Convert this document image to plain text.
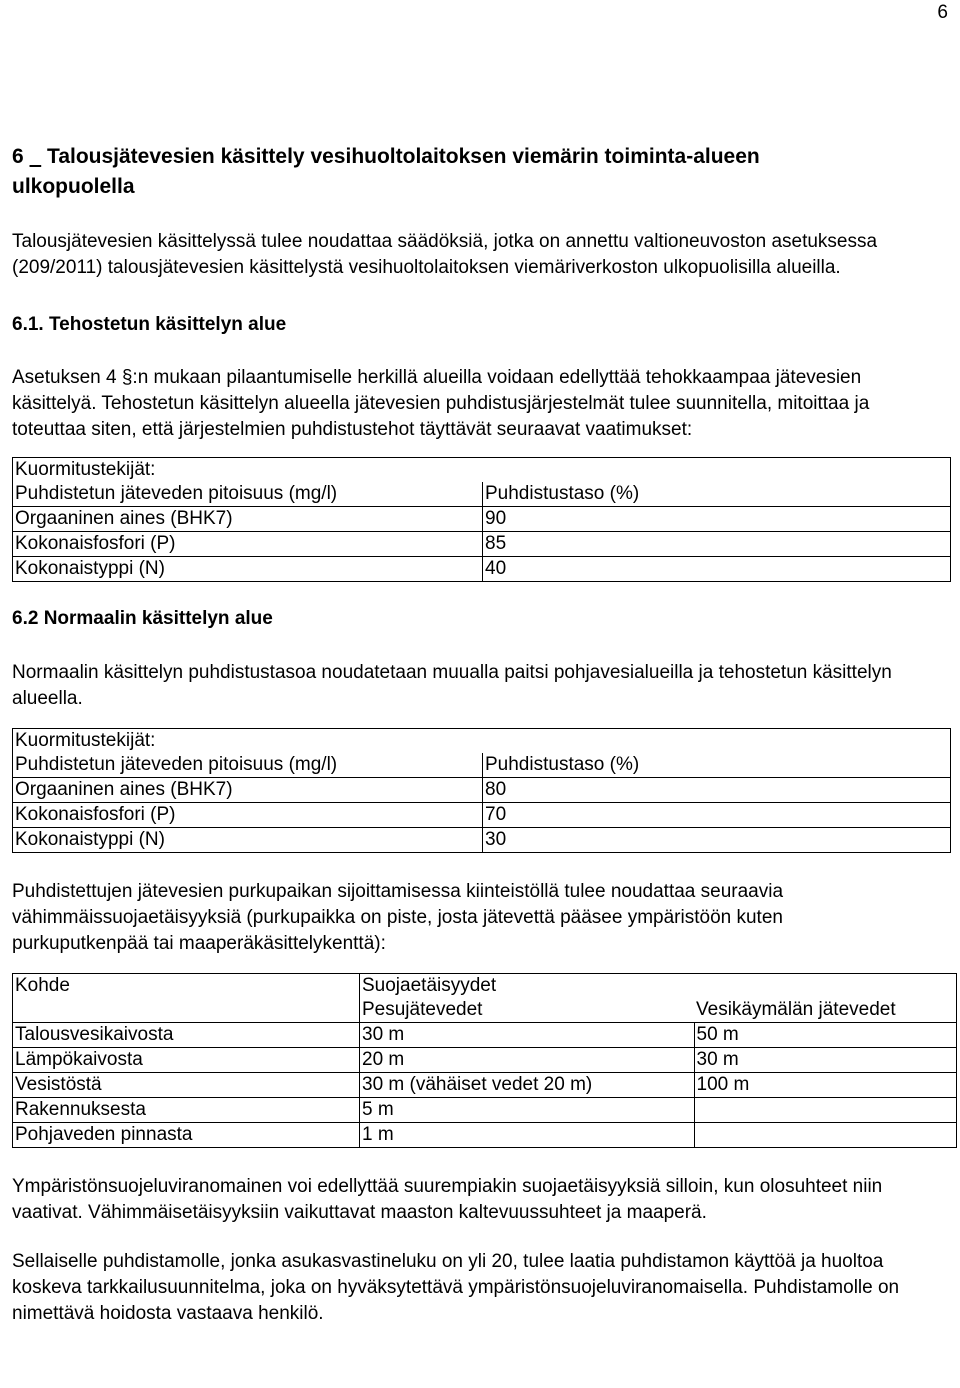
6
6 Talousjätevesien käsittely vesihuoltolaitoksen viemärin toiminta-alueen ulkopuolella

Talousjätevesien käsittelyssä tulee noudattaa säädöksiä, jotka on annettu valtioneuvoston asetuksessa (209/2011) talousjätevesien käsittelystä vesihuoltolaitoksen viemäriverkoston ulkopuolisilla alueilla.

6.1. Tehostetun käsittelyn alue

Asetuksen 4 §:n mukaan pilaantumiselle herkillä alueilla voidaan edellyttää tehokkaampaa jätevesien käsittelyä. Tehostetun käsittelyn alueella jätevesien puhdistusjärjestelmät tulee suunnitella, mitoittaa ja toteuttaa siten, että järjestelmien puhdistustehot täyttävät seuraavat vaatimukset:

Kuormitustekijät:	
Puhdistetun jäteveden pitoisuus (mg/l)	Puhdistustaso (%)
Orgaaninen aines (BHK7)	90
Kokonaisfosfori (P)	85
Kokonaistyppi (N)	40
6.2 Normaalin käsittelyn alue

Normaalin käsittelyn puhdistustasoa noudatetaan muualla paitsi pohjavesialueilla ja tehostetun käsittelyn alueella.

Kuormitustekijät:	
Puhdistetun jäteveden pitoisuus (mg/l)	Puhdistustaso (%)
Orgaaninen aines (BHK7)	80
Kokonaisfosfori (P)	70
Kokonaistyppi (N)	30

Puhdistettujen jätevesien purkupaikan sijoittamisessa kiinteistöllä tulee noudattaa seuraavia vähimmäissuojaetäisyyksiä (purkupaikka on piste, josta jätevettä pääsee ympäristöön kuten purkuputkenpää tai maaperäkäsittelykenttä):

Kohde	Suojaetäisyydet	
	Pesujätevedet	Vesikäymälän jätevedet
Talousvesikaivosta	30 m	50 m
Lämpökaivosta	20 m	30 m
Vesistöstä	30 m (vähäiset vedet 20 m)	100 m
Rakennuksesta	5 m	
Pohjaveden pinnasta	1 m	

Ympäristönsuojeluviranomainen voi edellyttää suurempiakin suojaetäisyyksiä silloin, kun olosuhteet niin vaativat. Vähimmäisetäisyyksiin vaikuttavat maaston kaltevuussuhteet ja maaperä.

Sellaiselle puhdistamolle, jonka asukasvastineluku on yli 20, tulee laatia puhdistamon käyttöä ja huoltoa koskeva tarkkailusuunnitelma, joka on hyväksytettävä ympäristönsuojeluviranomaisella. Puhdistamolle on nimettävä hoidosta vastaava henkilö.
